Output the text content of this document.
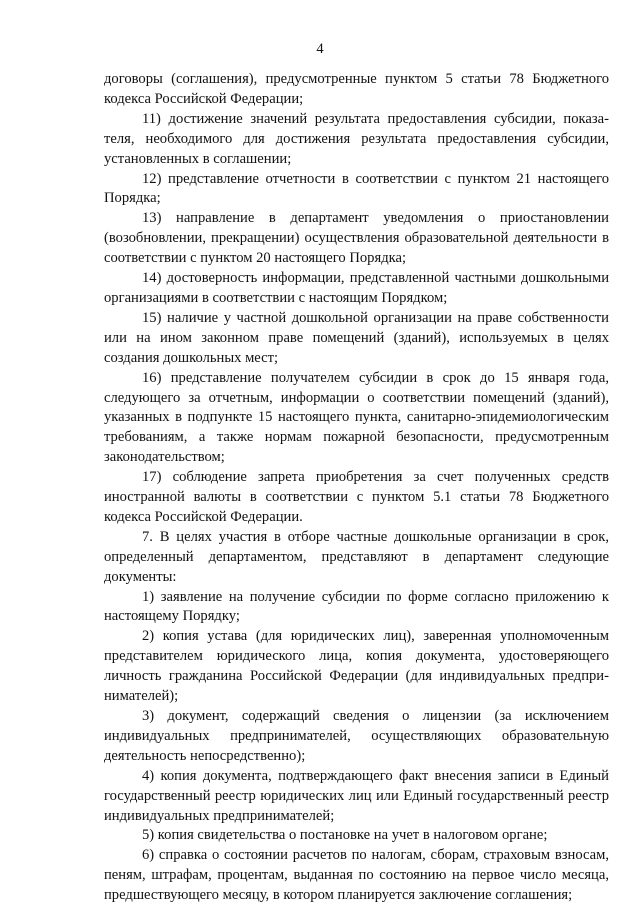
4

договоры (соглашения), предусмотренные пунктом 5 статьи 78 Бюджетного кодекса Российской Федерации;

11) достижение значений результата предоставления субсидии, показателя, необходимого для достижения результата предоставления субсидии, установленных в соглашении;

12) представление отчетности в соответствии с пунктом 21 настоящего Порядка;

13) направление в департамент уведомления о приостановлении (возобновлении, прекращении) осуществления образовательной деятельности в соответствии с пунктом 20 настоящего Порядка;

14) достоверность информации, представленной частными дошкольными организациями в соответствии с настоящим Порядком;

15) наличие у частной дошкольной организации на праве собственности или на ином законном праве помещений (зданий), используемых в целях создания дошкольных мест;

16) представление получателем субсидии в срок до 15 января года, следующего за отчетным, информации о соответствии помещений (зданий), указанных в подпункте 15 настоящего пункта, санитарно-эпидемиологическим требованиям, а также нормам пожарной безопасности, предусмотренным законодательством;

17) соблюдение запрета приобретения за счет полученных средств иностранной валюты в соответствии с пунктом 5.1 статьи 78 Бюджетного кодекса Российской Федерации.

7. В целях участия в отборе частные дошкольные организации в срок, определенный департаментом, представляют в департамент следующие документы:

1) заявление на получение субсидии по форме согласно приложению к настоящему Порядку;

2) копия устава (для юридических лиц), заверенная уполномоченным представителем юридического лица, копия документа, удостоверяющего личность гражданина Российской Федерации (для индивидуальных предпринимателей);

3) документ, содержащий сведения о лицензии (за исключением индивидуальных предпринимателей, осуществляющих образовательную деятельность непосредственно);

4) копия документа, подтверждающего факт внесения записи в Единый государственный реестр юридических лиц или Единый государственный реестр индивидуальных предпринимателей;

5) копия свидетельства о постановке на учет в налоговом органе;

6) справка о состоянии расчетов по налогам, сборам, страховым взносам, пеням, штрафам, процентам, выданная по состоянию на первое число месяца, предшествующего месяцу, в котором планируется заключение соглашения;
